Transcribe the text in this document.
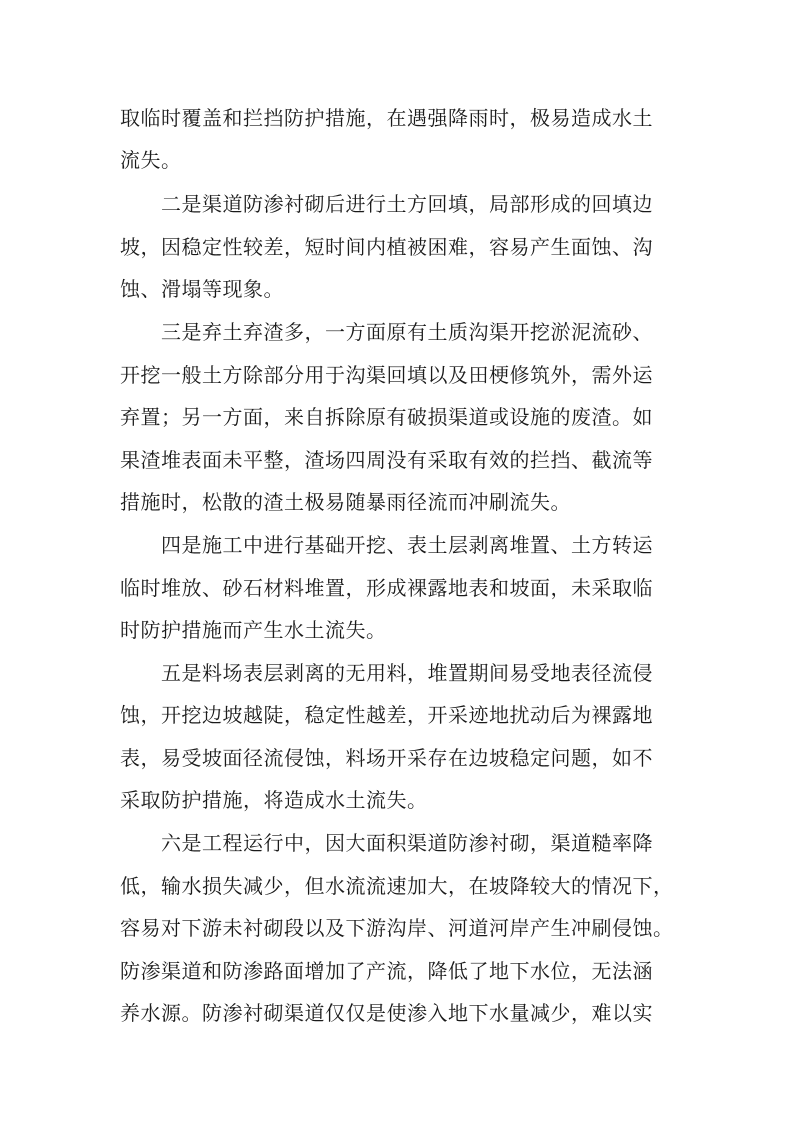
取临时覆盖和拦挡防护措施，在遇强降雨时，极易造成水土
流失。
二是渠道防渗衬砌后进行土方回填，局部形成的回填边
坡，因稳定性较差，短时间内植被困难，容易产生面蚀、沟
蚀、滑塌等现象。
三是弃土弃渣多，一方面原有土质沟渠开挖淤泥流砂、
开挖一般土方除部分用于沟渠回填以及田梗修筑外，需外运
弃置；另一方面，来自拆除原有破损渠道或设施的废渣。如
果渣堆表面未平整，渣场四周没有采取有效的拦挡、截流等
措施时，松散的渣土极易随暴雨径流而冲刷流失。
四是施工中进行基础开挖、表土层剥离堆置、土方转运
临时堆放、砂石材料堆置，形成裸露地表和坡面，未采取临
时防护措施而产生水土流失。
五是料场表层剥离的无用料，堆置期间易受地表径流侵
蚀，开挖边坡越陡，稳定性越差，开采迹地扰动后为裸露地
表，易受坡面径流侵蚀，料场开采存在边坡稳定问题，如不
采取防护措施，将造成水土流失。
六是工程运行中，因大面积渠道防渗衬砌，渠道糙率降
低，输水损失减少，但水流流速加大，在坡降较大的情况下，
容易对下游未衬砌段以及下游沟岸、河道河岸产生冲刷侵蚀。
防渗渠道和防渗路面增加了产流，降低了地下水位，无法涵
养水源。防渗衬砌渠道仅仅是使渗入地下水量减少，难以实
